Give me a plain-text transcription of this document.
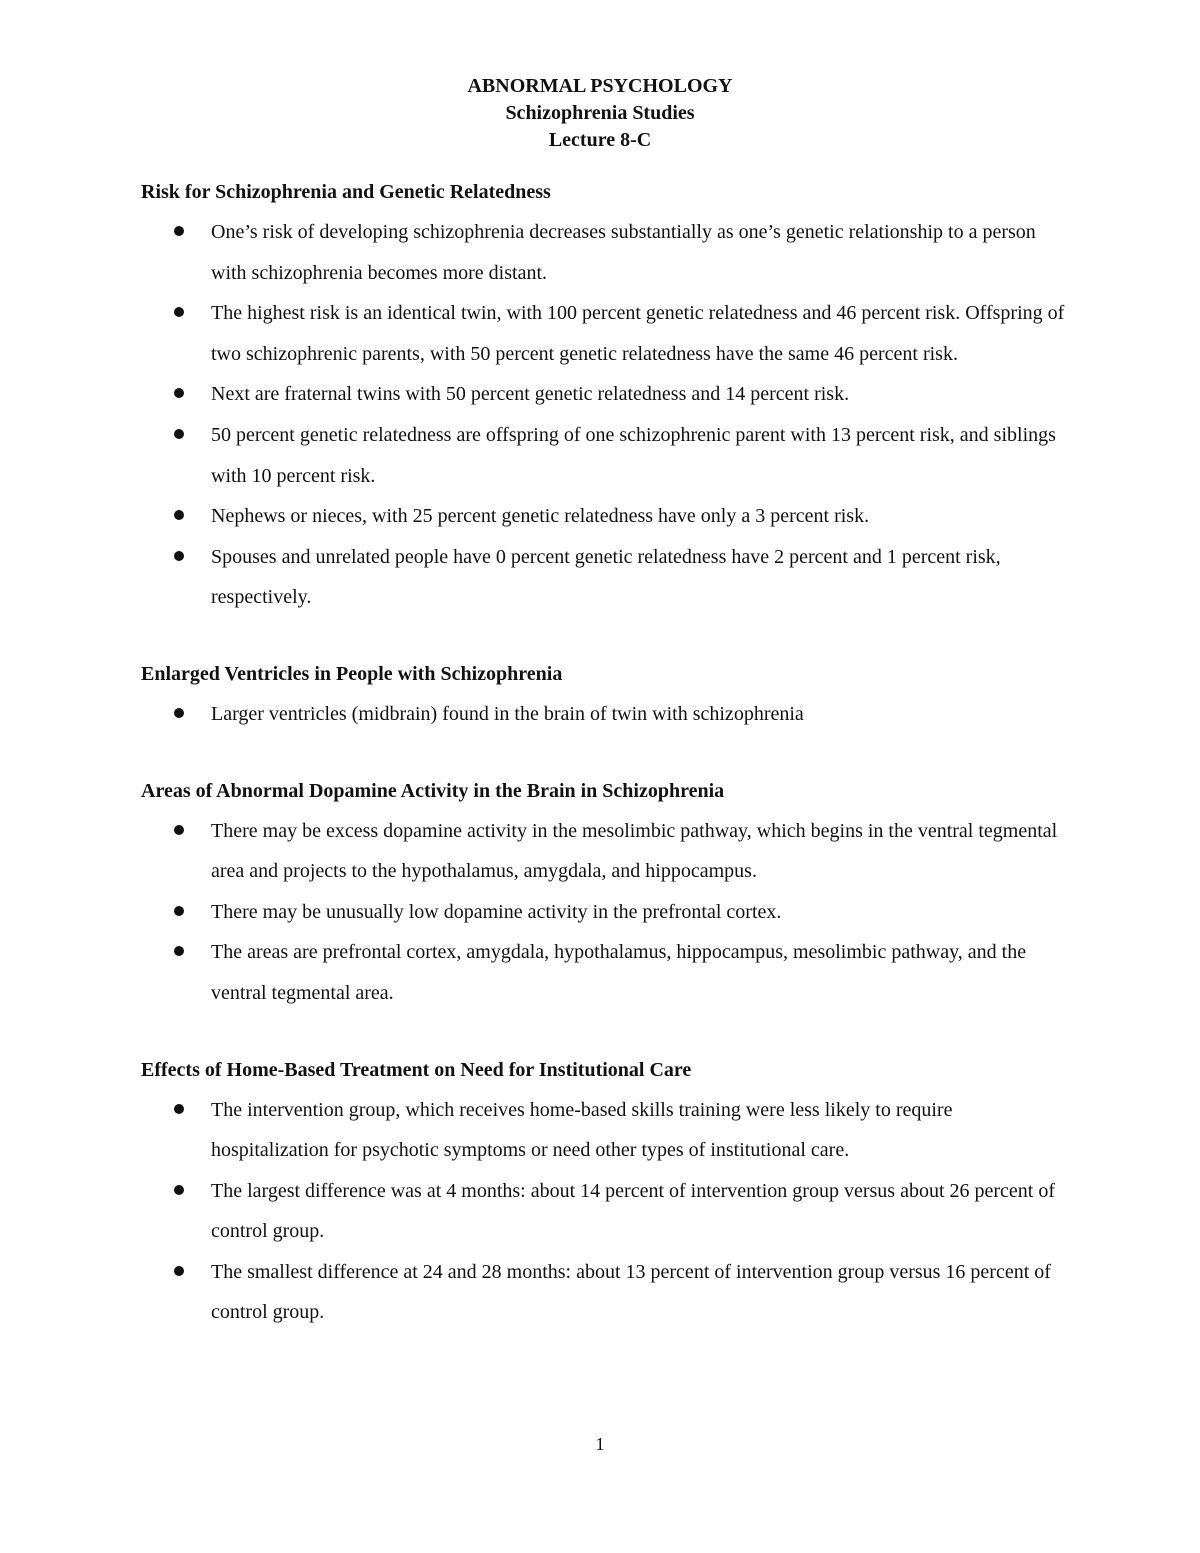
ABNORMAL PSYCHOLOGY
Schizophrenia Studies
Lecture 8-C
Risk for Schizophrenia and Genetic Relatedness
One’s risk of developing schizophrenia decreases substantially as one’s genetic relationship to a person with schizophrenia becomes more distant.
The highest risk is an identical twin, with 100 percent genetic relatedness and 46 percent risk. Offspring of two schizophrenic parents, with 50 percent genetic relatedness have the same 46 percent risk.
Next are fraternal twins with 50 percent genetic relatedness and 14 percent risk.
50 percent genetic relatedness are offspring of one schizophrenic parent with 13 percent risk, and siblings with 10 percent risk.
Nephews or nieces, with 25 percent genetic relatedness have only a 3 percent risk.
Spouses and unrelated people have 0 percent genetic relatedness have 2 percent and 1 percent risk, respectively.
Enlarged Ventricles in People with Schizophrenia
Larger ventricles (midbrain) found in the brain of twin with schizophrenia
Areas of Abnormal Dopamine Activity in the Brain in Schizophrenia
There may be excess dopamine activity in the mesolimbic pathway, which begins in the ventral tegmental area and projects to the hypothalamus, amygdala, and hippocampus.
There may be unusually low dopamine activity in the prefrontal cortex.
The areas are prefrontal cortex, amygdala, hypothalamus, hippocampus, mesolimbic pathway, and the ventral tegmental area.
Effects of Home-Based Treatment on Need for Institutional Care
The intervention group, which receives home-based skills training were less likely to require hospitalization for psychotic symptoms or need other types of institutional care.
The largest difference was at 4 months: about 14 percent of intervention group versus about 26 percent of control group.
The smallest difference at 24 and 28 months: about 13 percent of intervention group versus 16 percent of control group.
1
